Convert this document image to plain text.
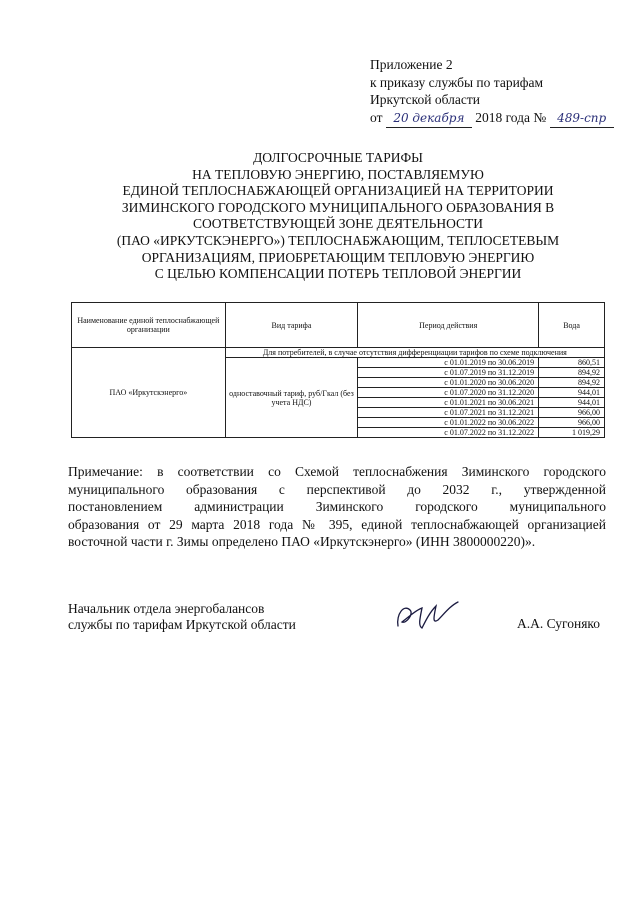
Приложение 2
к приказу службы по тарифам
Иркутской области
от 20 декабря 2018 года № 489-спр
ДОЛГОСРОЧНЫЕ ТАРИФЫ
НА ТЕПЛОВУЮ ЭНЕРГИЮ, ПОСТАВЛЯЕМУЮ
ЕДИНОЙ ТЕПЛОСНАБЖАЮЩЕЙ ОРГАНИЗАЦИЕЙ НА ТЕРРИТОРИИ
ЗИМИНСКОГО ГОРОДСКОГО МУНИЦИПАЛЬНОГО ОБРАЗОВАНИЯ В
СООТВЕТСТВУЮЩЕЙ ЗОНЕ ДЕЯТЕЛЬНОСТИ
(ПАО «ИРКУТСКЭНЕРГО») ТЕПЛОСНАБЖАЮЩИМ, ТЕПЛОСЕТЕВЫМ
ОРГАНИЗАЦИЯМ, ПРИОБРЕТАЮЩИМ ТЕПЛОВУЮ ЭНЕРГИЮ
С ЦЕЛЬЮ КОМПЕНСАЦИИ ПОТЕРЬ ТЕПЛОВОЙ ЭНЕРГИИ
Наименование единой теплоснабжающей организации	Вид тарифа	Период действия	Вода
ПАО «Иркутскэнерго»	Для потребителей, в случае отсутствия дифференциации тарифов по схеме подключения		
	одноставочный тариф, руб/Гкал (без учета НДС)	с 01.01.2019 по 30.06.2019	860,51
		с 01.07.2019 по 31.12.2019	894,92
		с 01.01.2020 по 30.06.2020	894,92
		с 01.07.2020 по 31.12.2020	944,01
		с 01.01.2021 по 30.06.2021	944,01
		с 01.07.2021 по 31.12.2021	966,00
		с 01.01.2022 по 30.06.2022	966,00
		с 01.07.2022 по 31.12.2022	1 019,29
Примечание: в соответствии со Схемой теплоснабжения Зиминского городского
муниципального образования с перспективой до 2032 г., утвержденной
постановлением администрации Зиминского городского муниципального
образования от 29 марта 2018 года № 395, единой теплоснабжающей организацией
восточной части г. Зимы определено ПАО «Иркутскэнерго» (ИНН 3800000220)».
Начальник отдела энергобалансов
службы по тарифам Иркутской области	А.А. Сугоняко
